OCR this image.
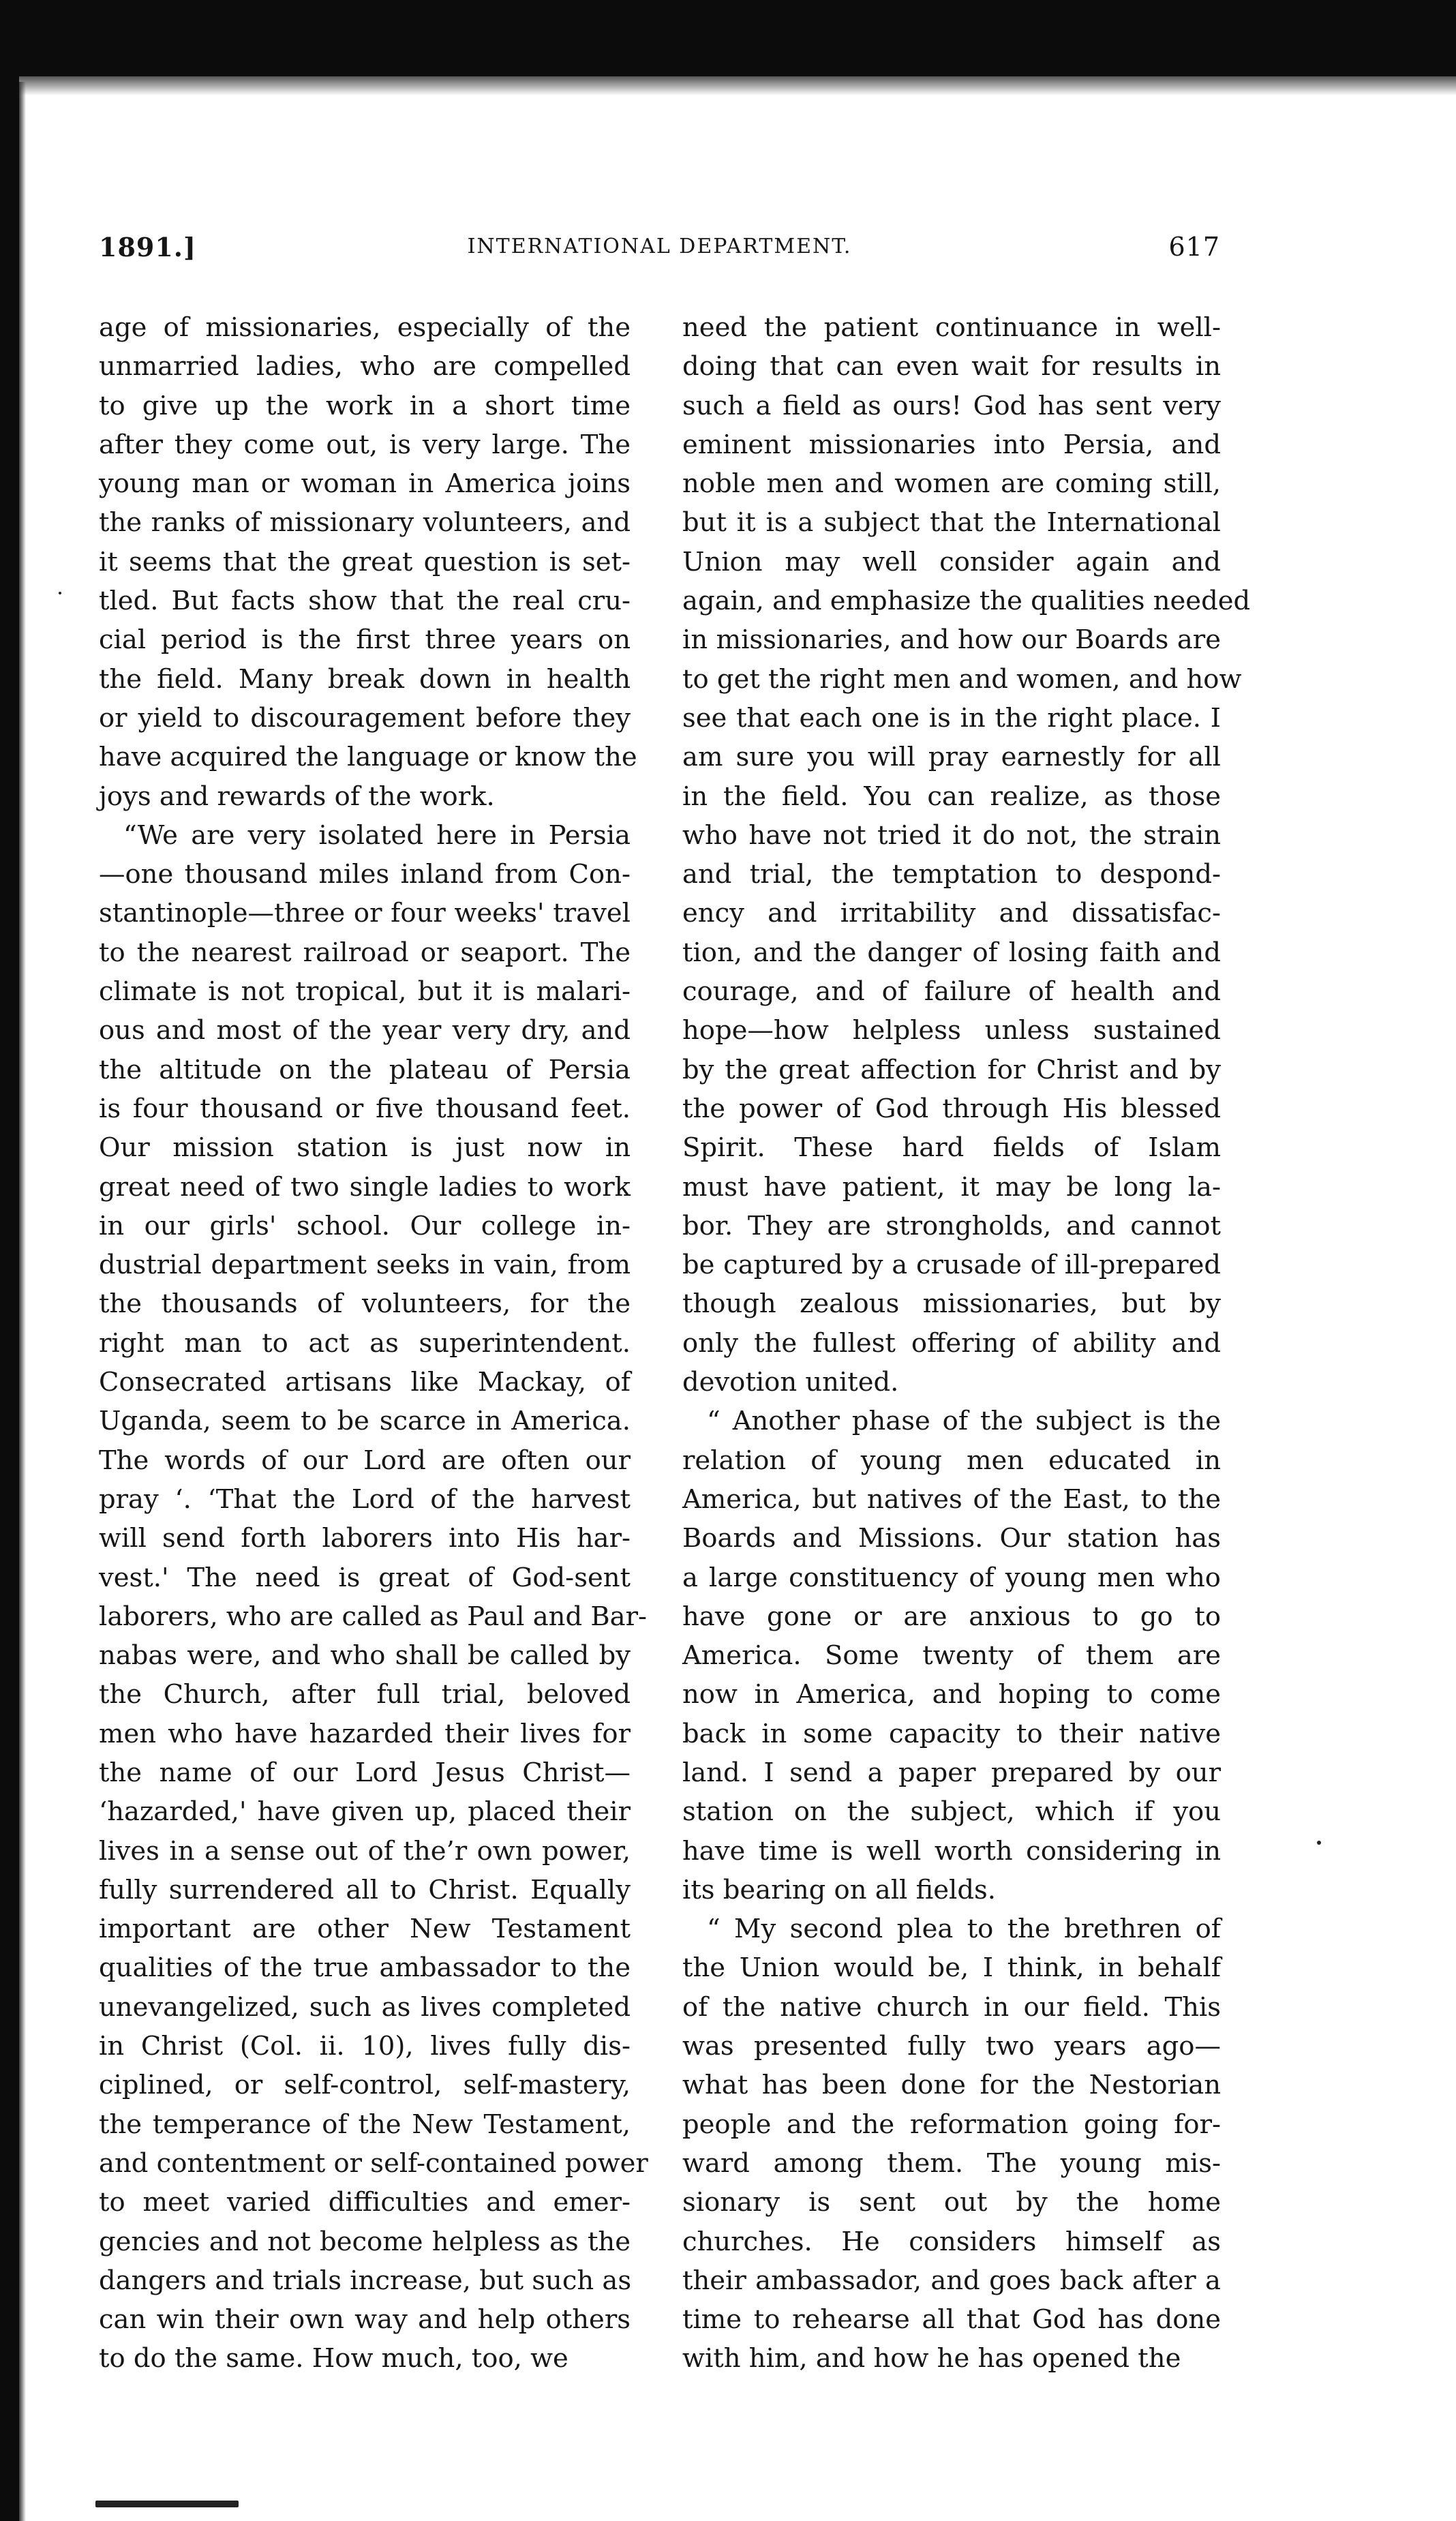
1891.]	INTERNATIONAL DEPARTMENT.	617
age of missionaries, especially of the
unmarried ladies, who are compelled
to give up the work in a short time
after they come out, is very large. The
young man or woman in America joins
the ranks of missionary volunteers, and
it seems that the great question is set-
tled. But facts show that the real cru-
cial period is the first three years on
the field. Many break down in health
or yield to discouragement before they
have acquired the language or know the
joys and rewards of the work.
“We are very isolated here in Persia
—one thousand miles inland from Con-
stantinople—three or four weeks' travel
to the nearest railroad or seaport. The
climate is not tropical, but it is malari-
ous and most of the year very dry, and
the altitude on the plateau of Persia
is four thousand or five thousand feet.
Our mission station is just now in
great need of two single ladies to work
in our girls' school. Our college in-
dustrial department seeks in vain, from
the thousands of volunteers, for the
right man to act as superintendent.
Consecrated artisans like Mackay, of
Uganda, seem to be scarce in America.
The words of our Lord are often our
pray ‘. ‘That the Lord of the harvest
will send forth laborers into His har-
vest.' The need is great of God-sent
laborers, who are called as Paul and Bar-
nabas were, and who shall be called by
the Church, after full trial, beloved
men who have hazarded their lives for
the name of our Lord Jesus Christ—
‘hazarded,' have given up, placed their
lives in a sense out of the’r own power,
fully surrendered all to Christ. Equally
important are other New Testament
qualities of the true ambassador to the
unevangelized, such as lives completed
in Christ (Col. ii. 10), lives fully dis-
ciplined, or self-control, self-mastery,
the temperance of the New Testament,
and contentment or self-contained power
to meet varied difficulties and emer-
gencies and not become helpless as the
dangers and trials increase, but such as
can win their own way and help others
to do the same. How much, too, we
need the patient continuance in well-
doing that can even wait for results in
such a field as ours! God has sent very
eminent missionaries into Persia, and
noble men and women are coming still,
but it is a subject that the International
Union may well consider again and
again, and emphasize the qualities needed
in missionaries, and how our Boards are
to get the right men and women, and how
see that each one is in the right place. I
am sure you will pray earnestly for all
in the field. You can realize, as those
who have not tried it do not, the strain
and trial, the temptation to despond-
ency and irritability and dissatisfac-
tion, and the danger of losing faith and
courage, and of failure of health and
hope—how helpless unless sustained
by the great affection for Christ and by
the power of God through His blessed
Spirit. These hard fields of Islam
must have patient, it may be long la-
bor. They are strongholds, and cannot
be captured by a crusade of ill-prepared
though zealous missionaries, but by
only the fullest offering of ability and
devotion united.
“ Another phase of the subject is the
relation of young men educated in
America, but natives of the East, to the
Boards and Missions. Our station has
a large constituency of young men who
have gone or are anxious to go to
America. Some twenty of them are
now in America, and hoping to come
back in some capacity to their native
land. I send a paper prepared by our
station on the subject, which if you
have time is well worth considering in
its bearing on all fields.
“ My second plea to the brethren of
the Union would be, I think, in behalf
of the native church in our field. This
was presented fully two years ago—
what has been done for the Nestorian
people and the reformation going for-
ward among them. The young mis-
sionary is sent out by the home
churches. He considers himself as
their ambassador, and goes back after a
time to rehearse all that God has done
with him, and how he has opened the
